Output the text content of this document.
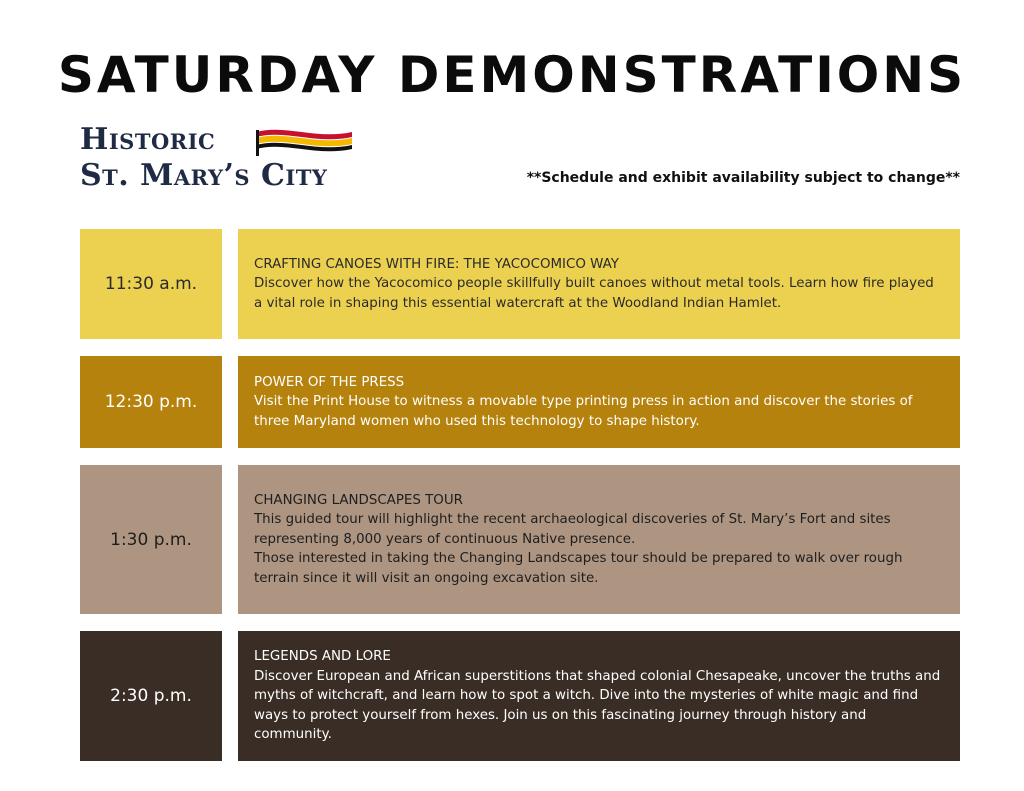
SATURDAY DEMONSTRATIONS
Historic
St. Mary’s City	**Schedule and exhibit availability subject to change**
11:30 a.m.

CRAFTING CANOES WITH FIRE: THE YACOCOMICO WAY

Discover how the Yacocomico people skillfully built canoes without metal tools. Learn how fire played a vital role in shaping this essential watercraft at the Woodland Indian Hamlet.

12:30 p.m.

POWER OF THE PRESS

Visit the Print House to witness a movable type printing press in action and discover the stories of three Maryland women who used this technology to shape history.

1:30 p.m.

CHANGING LANDSCAPES TOUR

This guided tour will highlight the recent archaeological discoveries of St. Mary’s Fort and sites representing 8,000 years of continuous Native presence.

Those interested in taking the Changing Landscapes tour should be prepared to walk over rough terrain since it will visit an ongoing excavation site.

2:30 p.m.

LEGENDS AND LORE

Discover European and African superstitions that shaped colonial Chesapeake, uncover the truths and myths of witchcraft, and learn how to spot a witch. Dive into the mysteries of white magic and find ways to protect yourself from hexes. Join us on this fascinating journey through history and community.
